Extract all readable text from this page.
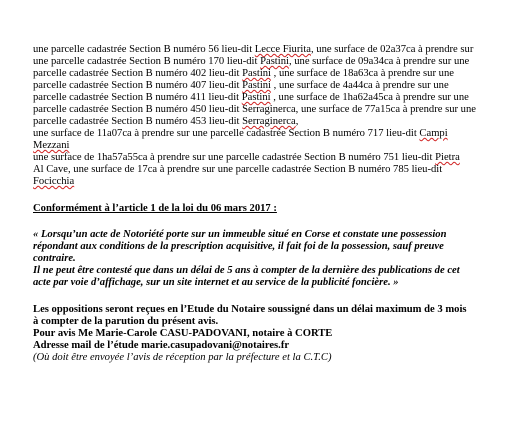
une parcelle cadastrée Section B numéro 56 lieu-dit Lecce Fiurita, une surface de 02a37ca à prendre sur
une parcelle cadastrée Section B numéro 170 lieu-dit Pastini, une surface de 09a34ca à prendre sur une
parcelle cadastrée Section B numéro 402 lieu-dit Pastini , une surface de 18a63ca à prendre sur une
parcelle cadastrée Section B numéro 407 lieu-dit Pastini , une surface de 4a44ca à prendre sur une
parcelle cadastrée Section B numéro 411 lieu-dit Pastini , une surface de 1ha62a45ca à prendre sur une
parcelle cadastrée Section B numéro 450 lieu-dit Serraginerca, une surface de 77a15ca à prendre sur une
parcelle cadastrée Section B numéro 453 lieu-dit Serraginerca,
une surface de 11a07ca à prendre sur une parcelle cadastrée Section B numéro 717 lieu-dit Campi
Mezzani
une surface de 1ha57a55ca à prendre sur une parcelle cadastrée Section B numéro 751 lieu-dit Pietra
Al Cave, une surface de 17ca à prendre sur une parcelle cadastrée Section B numéro 785 lieu-dit
Focicchia
Conformément à l’article 1 de la loi du 06 mars 2017 :
« Lorsqu’un acte de Notoriété porte sur un immeuble situé en Corse et constate une possession
répondant aux conditions de la prescription acquisitive, il fait foi de la possession, sauf preuve
contraire.
Il ne peut être contesté que dans un délai de 5 ans à compter de la dernière des publications de cet
acte par voie d’affichage, sur un site internet et au service de la publicité foncière. »
Les oppositions seront reçues en l’Etude du Notaire soussigné dans un délai maximum de 3 mois
à compter de la parution du présent avis.
Pour avis Me Marie-Carole CASU-PADOVANI, notaire à CORTE
Adresse mail de l’étude marie.casupadovani@notaires.fr
(Où doit être envoyée l’avis de réception par la préfecture et la C.T.C)
